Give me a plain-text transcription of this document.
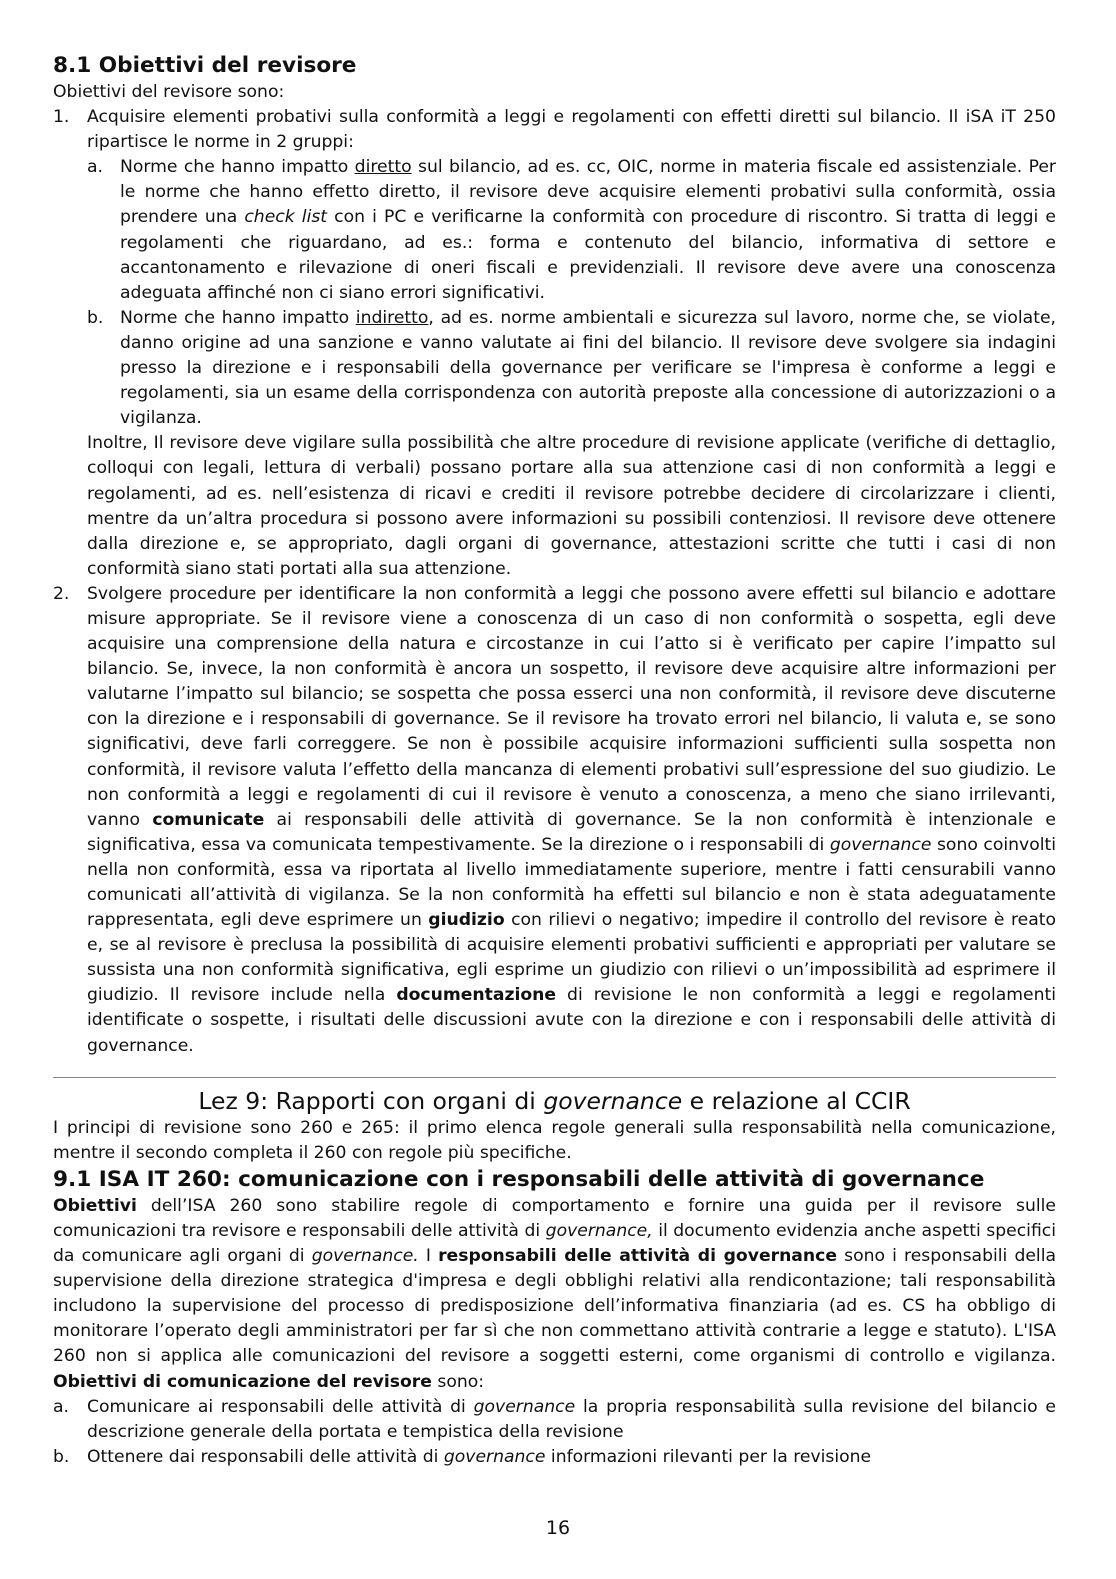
8.1 Obiettivi del revisore

Obiettivi del revisore sono:

1. Acquisire elementi probativi sulla conformità a leggi e regolamenti con effetti diretti sul bilancio. Il iSA iT 250 ripartisce le norme in 2 gruppi:
a. Norme che hanno impatto diretto sul bilancio, ad es. cc, OIC, norme in materia fiscale ed assistenziale. Per le norme che hanno effetto diretto, il revisore deve acquisire elementi probativi sulla conformità, ossia prendere una check list con i PC e verificarne la conformità con procedure di riscontro. Si tratta di leggi e regolamenti che riguardano, ad es.: forma e contenuto del bilancio, informativa di settore e accantonamento e rilevazione di oneri fiscali e previdenziali. Il revisore deve avere una conoscenza adeguata affinché non ci siano errori significativi.
b. Norme che hanno impatto indiretto, ad es. norme ambientali e sicurezza sul lavoro, norme che, se violate, danno origine ad una sanzione e vanno valutate ai fini del bilancio. Il revisore deve svolgere sia indagini presso la direzione e i responsabili della governance per verificare se l'impresa è conforme a leggi e regolamenti, sia un esame della corrispondenza con autorità preposte alla concessione di autorizzazioni o a vigilanza.

Inoltre, Il revisore deve vigilare sulla possibilità che altre procedure di revisione applicate (verifiche di dettaglio, colloqui con legali, lettura di verbali) possano portare alla sua attenzione casi di non conformità a leggi e regolamenti, ad es. nell’esistenza di ricavi e crediti il revisore potrebbe decidere di circolarizzare i clienti, mentre da un’altra procedura si possono avere informazioni su possibili contenziosi. Il revisore deve ottenere dalla direzione e, se appropriato, dagli organi di governance, attestazioni scritte che tutti i casi di non conformità siano stati portati alla sua attenzione.

2. Svolgere procedure per identificare la non conformità a leggi che possono avere effetti sul bilancio e adottare misure appropriate. Se il revisore viene a conoscenza di un caso di non conformità o sospetta, egli deve acquisire una comprensione della natura e circostanze in cui l’atto si è verificato per capire l’impatto sul bilancio. Se, invece, la non conformità è ancora un sospetto, il revisore deve acquisire altre informazioni per valutarne l’impatto sul bilancio; se sospetta che possa esserci una non conformità, il revisore deve discuterne con la direzione e i responsabili di governance. Se il revisore ha trovato errori nel bilancio, li valuta e, se sono significativi, deve farli correggere. Se non è possibile acquisire informazioni sufficienti sulla sospetta non conformità, il revisore valuta l’effetto della mancanza di elementi probativi sull’espressione del suo giudizio. Le non conformità a leggi e regolamenti di cui il revisore è venuto a conoscenza, a meno che siano irrilevanti, vanno comunicate ai responsabili delle attività di governance. Se la non conformità è intenzionale e significativa, essa va comunicata tempestivamente. Se la direzione o i responsabili di governance sono coinvolti nella non conformità, essa va riportata al livello immediatamente superiore, mentre i fatti censurabili vanno comunicati all’attività di vigilanza. Se la non conformità ha effetti sul bilancio e non è stata adeguatamente rappresentata, egli deve esprimere un giudizio con rilievi o negativo; impedire il controllo del revisore è reato e, se al revisore è preclusa la possibilità di acquisire elementi probativi sufficienti e appropriati per valutare se sussista una non conformità significativa, egli esprime un giudizio con rilievi o un’impossibilità ad esprimere il giudizio. Il revisore include nella documentazione di revisione le non conformità a leggi e regolamenti identificate o sospette, i risultati delle discussioni avute con la direzione e con i responsabili delle attività di governance.
Lez 9: Rapporti con organi di governance e relazione al CCIR

I principi di revisione sono 260 e 265: il primo elenca regole generali sulla responsabilità nella comunicazione, mentre il secondo completa il 260 con regole più specifiche.

9.1 ISA IT 260: comunicazione con i responsabili delle attività di governance

Obiettivi dell’ISA 260 sono stabilire regole di comportamento e fornire una guida per il revisore sulle comunicazioni tra revisore e responsabili delle attività di governance, il documento evidenzia anche aspetti specifici da comunicare agli organi di governance. I responsabili delle attività di governance sono i responsabili della supervisione della direzione strategica d'impresa e degli obblighi relativi alla rendicontazione; tali responsabilità includono la supervisione del processo di predisposizione dell’informativa finanziaria (ad es. CS ha obbligo di monitorare l’operato degli amministratori per far sì che non commettano attività contrarie a legge e statuto). L'ISA 260 non si applica alle comunicazioni del revisore a soggetti esterni, come organismi di controllo e vigilanza. Obiettivi di comunicazione del revisore sono:

a. Comunicare ai responsabili delle attività di governance la propria responsabilità sulla revisione del bilancio e descrizione generale della portata e tempistica della revisione
b. Ottenere dai responsabili delle attività di governance informazioni rilevanti per la revisione
16
